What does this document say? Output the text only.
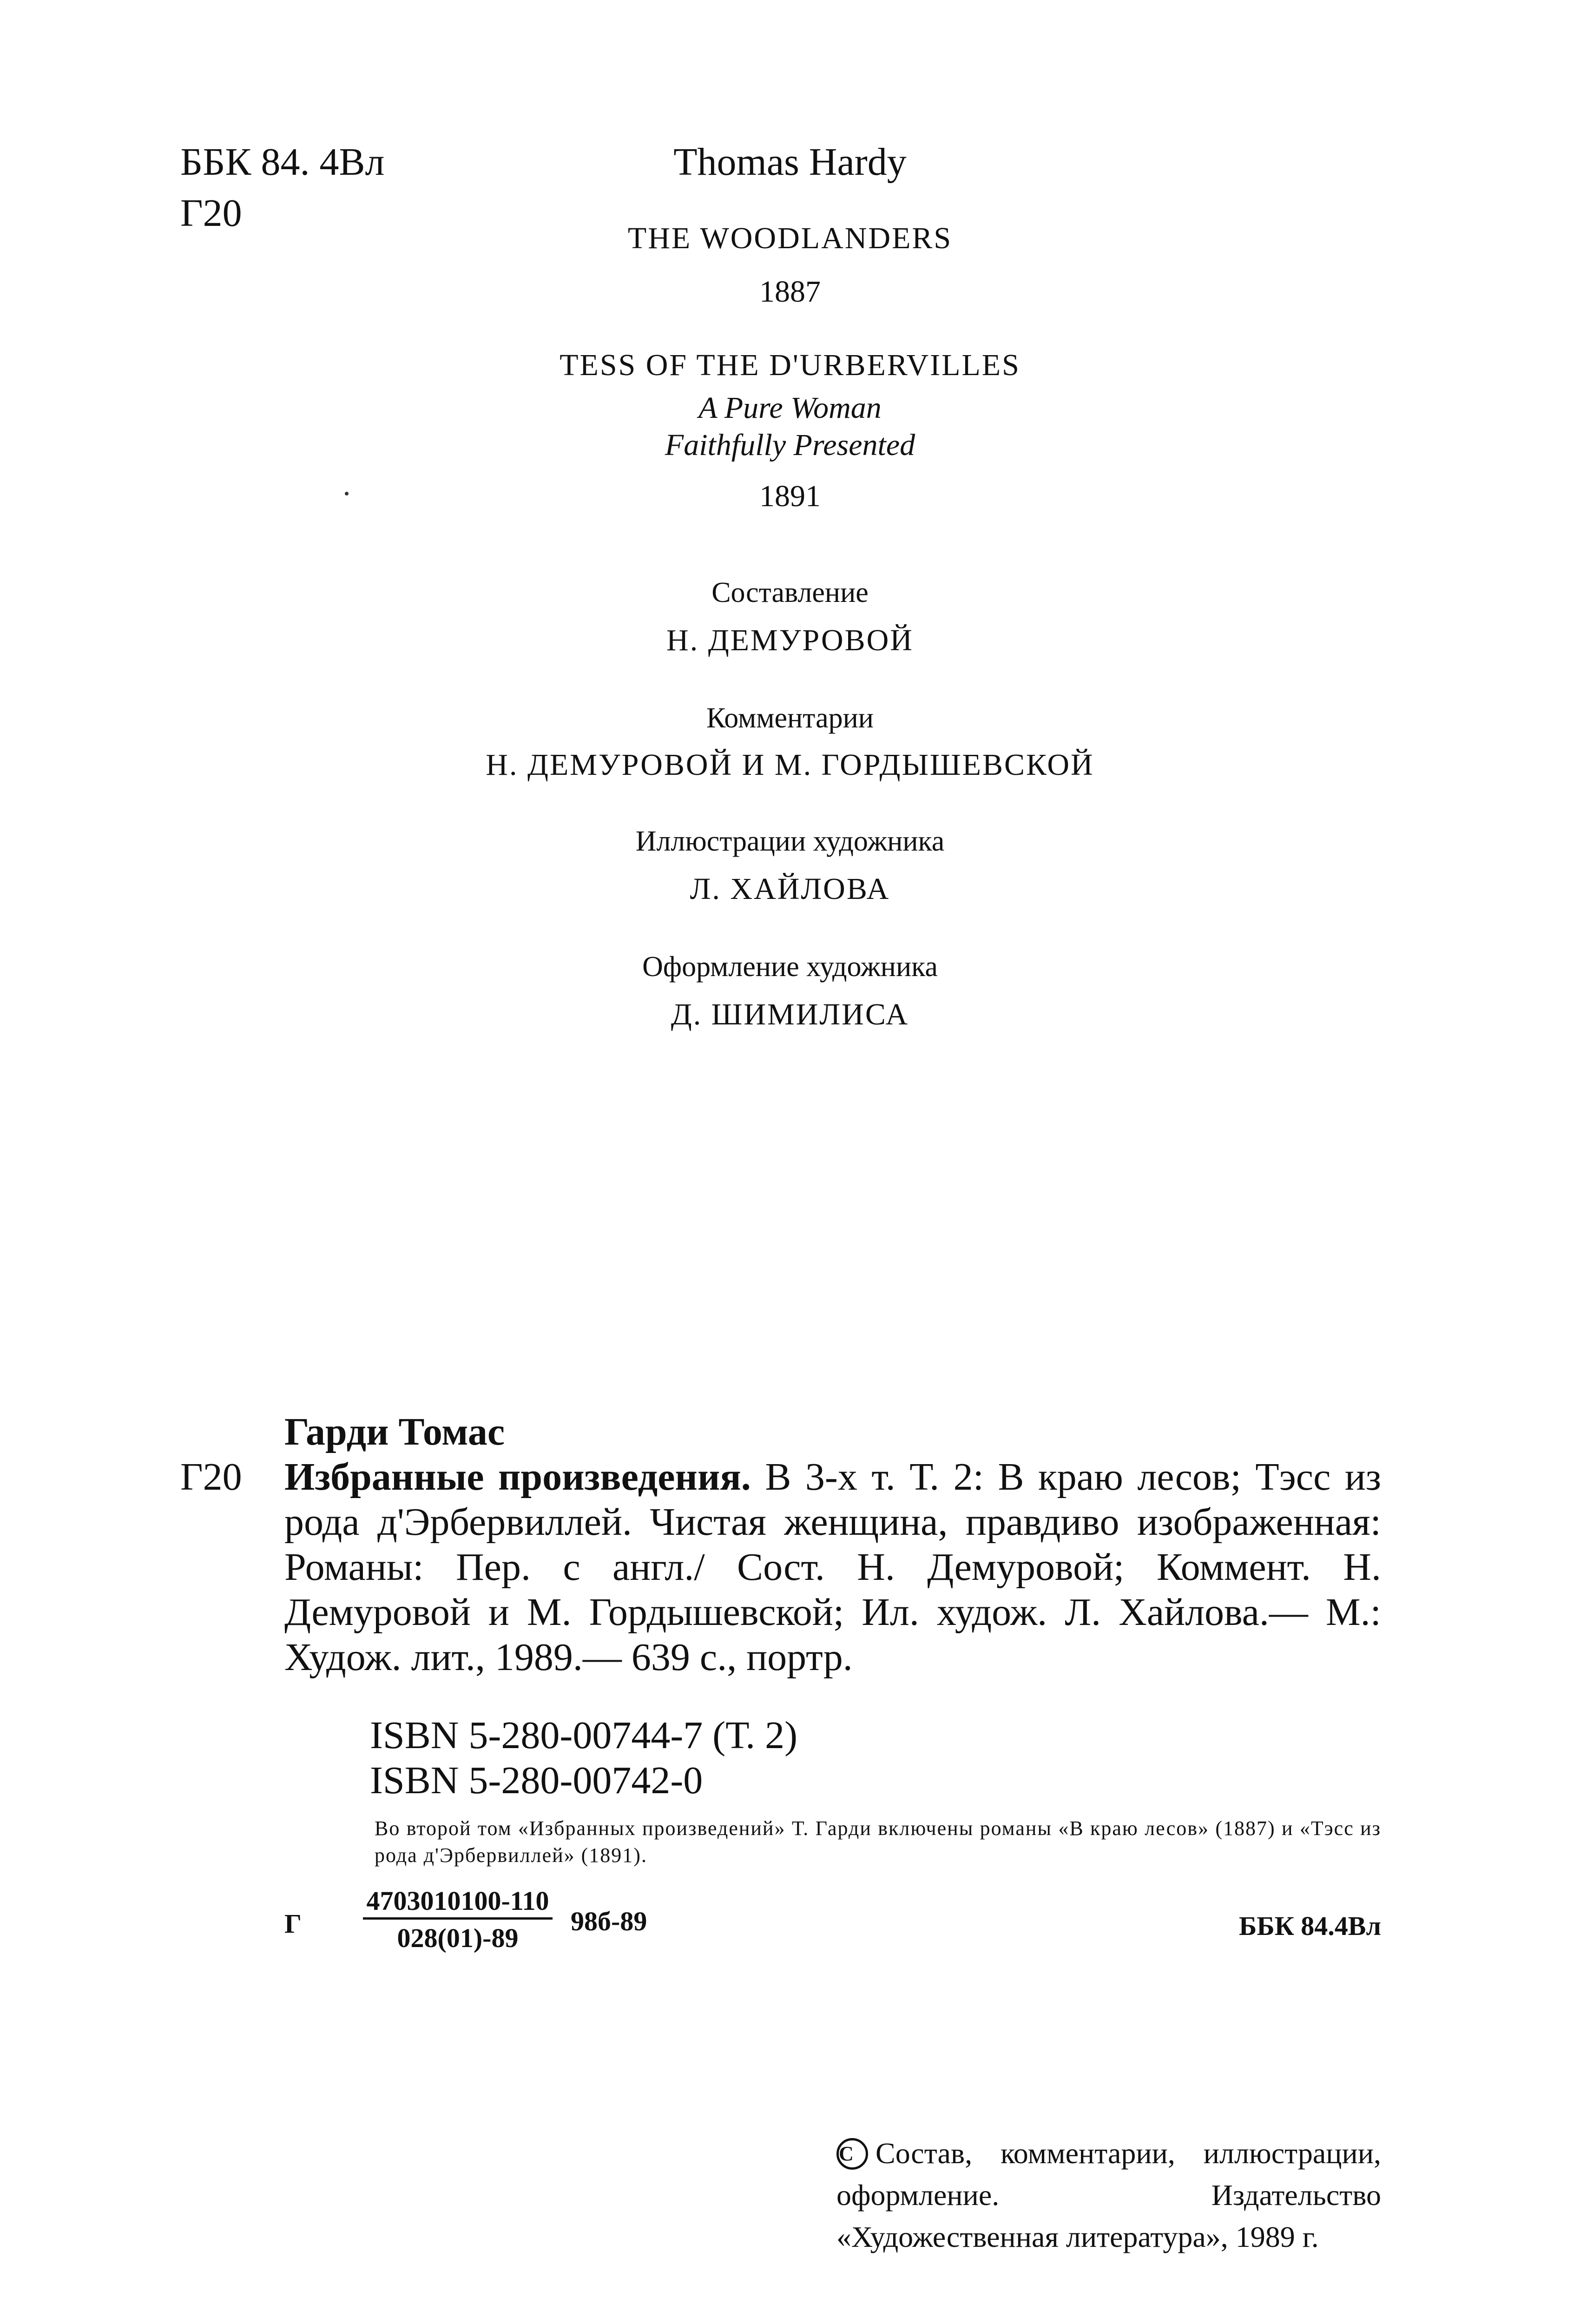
ББК 84. 4Вл
Г20
Thomas Hardy
THE WOODLANDERS
1887
TESS OF THE D'URBERVILLES
A Pure Woman
Faithfully Presented
1891
Составление
Н. ДЕМУРОВОЙ
Комментарии
Н. ДЕМУРОВОЙ И М. ГОРДЫШЕВСКОЙ
Иллюстрации художника
Л. ХАЙЛОВА
Оформление художника
Д. ШИМИЛИСА
Гарди Томас
Г20 Избранные произведения. В 3-х т. Т. 2: В краю лесов; Тэсс из рода д'Эрбервиллей. Чистая женщина, правдиво изображенная: Романы: Пер. с англ./ Сост. Н. Демуровой; Коммент. Н. Демуровой и М. Гордышевской; Ил. худож. Л. Хайлова.— М.: Худож. лит., 1989.— 639 с., портр.
ISBN 5-280-00744-7 (Т. 2)
ISBN 5-280-00742-0
Во второй том «Избранных произведений» Т. Гарди включены романы «В краю лесов» (1887) и «Тэсс из рода д'Эрбервиллей» (1891).
Г
4703010100-110
028(01)-89
98б-89	ББК 84.4Вл
C Состав, комментарии, иллюстрации, оформление. Издательство «Художественная литература», 1989 г.
